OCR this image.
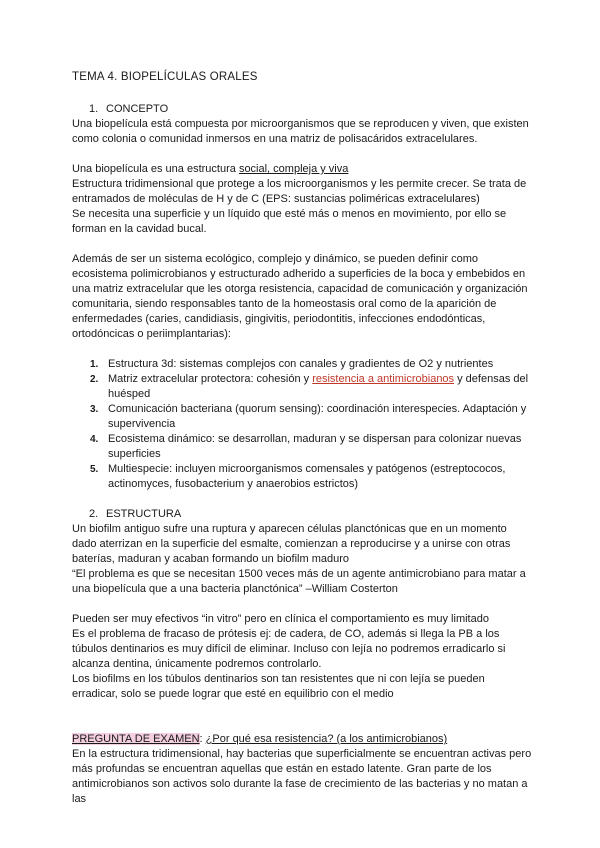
TEMA 4. BIOPELÍCULAS ORALES

1. CONCEPTO

Una biopelícula está compuesta por microorganismos que se reproducen y viven, que existen como colonia o comunidad inmersos en una matriz de polisacáridos extracelulares.

Una biopelícula es una estructura social, compleja y viva

Estructura tridimensional que protege a los microorganismos y les permite crecer. Se trata de entramados de moléculas de H y de C (EPS: sustancias poliméricas extracelulares)

Se necesita una superficie y un líquido que esté más o menos en movimiento, por ello se forman en la cavidad bucal.

Además de ser un sistema ecológico, complejo y dinámico, se pueden definir como ecosistema polimicrobianos y estructurado adherido a superficies de la boca y embebidos en una matriz extracelular que les otorga resistencia, capacidad de comunicación y organización comunitaria, siendo responsables tanto de la homeostasis oral como de la aparición de enfermedades (caries, candidiasis, gingivitis, periodontitis, infecciones endodónticas, ortodóncicas o periimplantarias):

1. Estructura 3d: sistemas complejos con canales y gradientes de O2 y nutrientes
2. Matriz extracelular protectora: cohesión y resistencia a antimicrobianos y defensas del huésped
3. Comunicación bacteriana (quorum sensing): coordinación interespecies. Adaptación y supervivencia
4. Ecosistema dinámico: se desarrollan, maduran y se dispersan para colonizar nuevas superficies
5. Multiespecie: incluyen microorganismos comensales y patógenos (estreptococos, actinomyces, fusobacterium y anaerobios estrictos)

2. ESTRUCTURA

Un biofilm antiguo sufre una ruptura y aparecen células planctónicas que en un momento dado aterrizan en la superficie del esmalte, comienzan a reproducirse y a unirse con otras baterías, maduran y acaban formando un biofilm maduro

“El problema es que se necesitan 1500 veces más de un agente antimicrobiano para matar a una biopelícula que a una bacteria planctónica” –William Costerton

Pueden ser muy efectivos “in vitro” pero en clínica el comportamiento es muy limitado

Es el problema de fracaso de prótesis ej: de cadera, de CO, además si llega la PB a los túbulos dentinarios es muy difícil de eliminar. Incluso con lejía no podremos erradicarlo si alcanza dentina, únicamente podremos controlarlo.

Los biofilms en los túbulos dentinarios son tan resistentes que ni con lejía se pueden erradicar, solo se puede lograr que esté en equilibrio con el medio

PREGUNTA DE EXAMEN: ¿Por qué esa resistencia? (a los antimicrobianos)

En la estructura tridimensional, hay bacterias que superficialmente se encuentran activas pero más profundas se encuentran aquellas que están en estado latente. Gran parte de los antimicrobianos son activos solo durante la fase de crecimiento de las bacterias y no matan a las
